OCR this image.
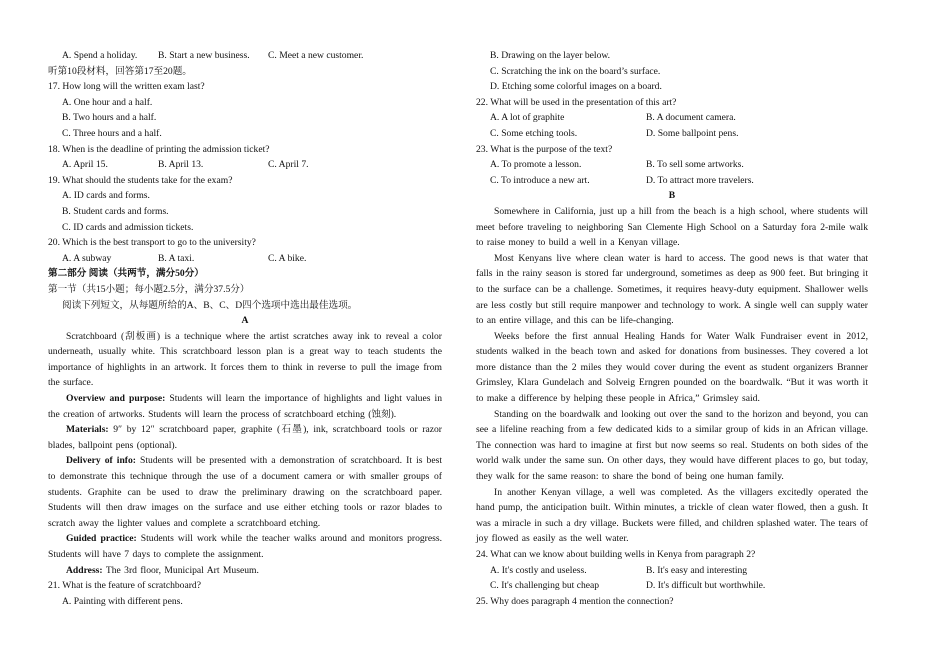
A. Spend a holiday.	B. Start a new business.	C. Meet a new customer.
听第10段材料，回答第17至20题。
17. How long will the written exam last?
A. One hour and a half.
B. Two hours and a half.
C. Three hours and a half.
18. When is the deadline of printing the admission ticket?
A. April 15.	B. April 13.	C. April 7.
19. What should the students take for the exam?
A. ID cards and forms.
B. Student cards and forms.
C. ID cards and admission tickets.
20. Which is the best transport to go to the university?
A. A subway	B. A taxi.	C. A bike.
第二部分 阅读（共两节，满分50分）
第一节（共15小题；每小题2.5分，满分37.5分）
阅读下列短文，从每题所给的A、B、C、D四个选项中选出最佳选项。
A
Scratchboard (刮板画) is a technique where the artist scratches away ink to reveal a color underneath, usually white. This scratchboard lesson plan is a great way to teach students the importance of highlights in an artwork. It forces them to think in reverse to pull the image from the surface.
Overview and purpose: Students will learn the importance of highlights and light values in the creation of artworks. Students will learn the process of scratchboard etching (蚀刻).
Materials: 9″ by 12″ scratchboard paper, graphite (石墨), ink, scratchboard tools or razor blades, ballpoint pens (optional).
Delivery of info: Students will be presented with a demonstration of scratchboard. It is best to demonstrate this technique through the use of a document camera or with smaller groups of students. Graphite can be used to draw the preliminary drawing on the scratchboard paper. Students will then draw images on the surface and use either etching tools or razor blades to scratch away the lighter values and complete a scratchboard etching.
Guided practice: Students will work while the teacher walks around and monitors progress. Students will have 7 days to complete the assignment.
Address: The 3rd floor, Municipal Art Museum.
21. What is the feature of scratchboard?
A. Painting with different pens.
B. Drawing on the layer below.
C. Scratching the ink on the board’s surface.
D. Etching some colorful images on a board.
22. What will be used in the presentation of this art?
A. A lot of graphite	B. A document camera.
C. Some etching tools.	D. Some ballpoint pens.
23. What is the purpose of the text?
A. To promote a lesson.	B. To sell some artworks.
C. To introduce a new art.	D. To attract more travelers.
B
Somewhere in California, just up a hill from the beach is a high school, where students will meet before traveling to neighboring San Clemente High School on a Saturday fora 2-mile walk to raise money to build a well in a Kenyan village.
Most Kenyans live where clean water is hard to access. The good news is that water that falls in the rainy season is stored far underground, sometimes as deep as 900 feet. But bringing it to the surface can be a challenge. Sometimes, it requires heavy-duty equipment. Shallower wells are less costly but still require manpower and technology to work. A single well can supply water to an entire village, and this can be life-changing.
Weeks before the first annual Healing Hands for Water Walk Fundraiser event in 2012, students walked in the beach town and asked for donations from businesses. They covered a lot more distance than the 2 miles they would cover during the event as student organizers Branner Grimsley, Klara Gundelach and Solveig Erngren pounded on the boardwalk. “But it was worth it to make a difference by helping these people in Africa,” Grimsley said.
Standing on the boardwalk and looking out over the sand to the horizon and beyond, you can see a lifeline reaching from a few dedicated kids to a similar group of kids in an African village. The connection was hard to imagine at first but now seems so real. Students on both sides of the world walk under the same sun. On other days, they would have different places to go, but today, they walk for the same reason: to share the bond of being one human family.
In another Kenyan village, a well was completed. As the villagers excitedly operated the hand pump, the anticipation built. Within minutes, a trickle of clean water flowed, then a gush. It was a miracle in such a dry village. Buckets were filled, and children splashed water. The tears of joy flowed as easily as the well water.
24. What can we know about building wells in Kenya from paragraph 2?
A. It's costly and useless.	B. It's easy and interesting
C. It's challenging but cheap	D. It's difficult but worthwhile.
25. Why does paragraph 4 mention the connection?
